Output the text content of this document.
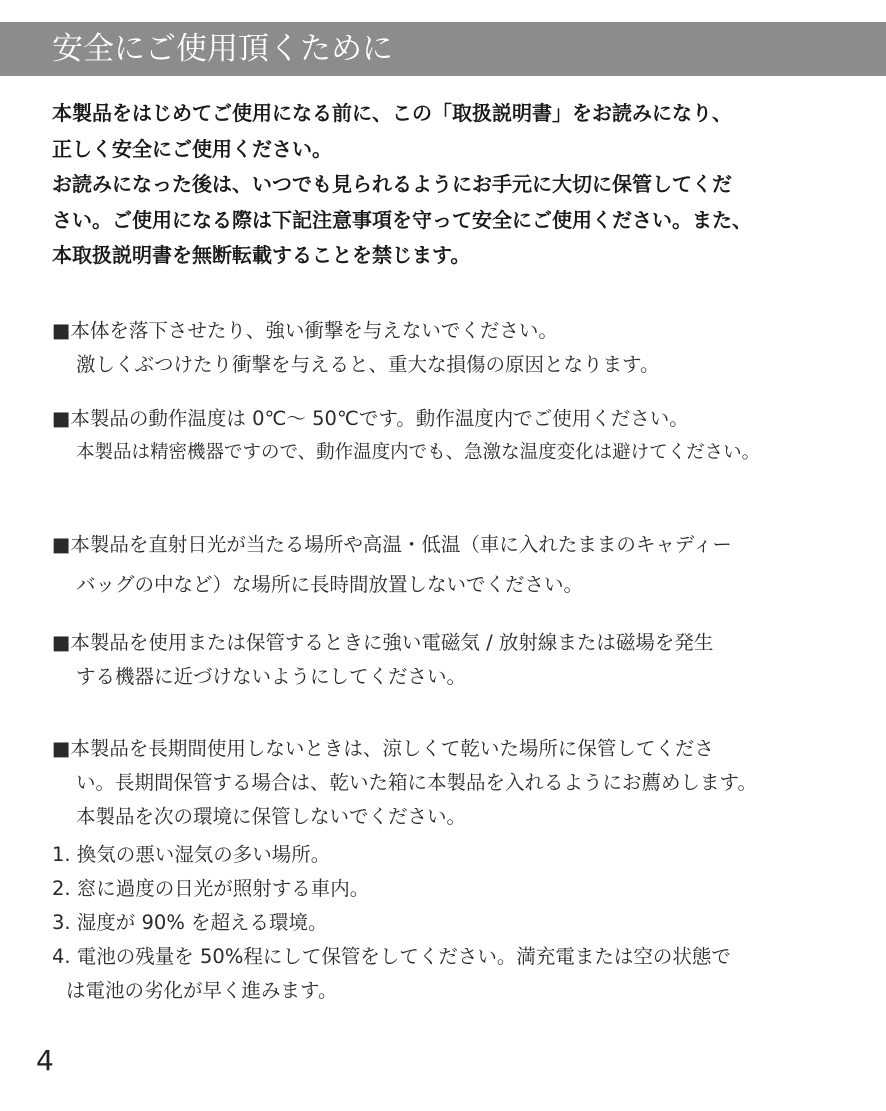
安全にご使用頂くために
本製品をはじめてご使用になる前に、この「取扱説明書」をお読みになり、
正しく安全にご使用ください。
お読みになった後は、いつでも見られるようにお手元に大切に保管してくだ
さい。ご使用になる際は下記注意事項を守って安全にご使用ください。また、
本取扱説明書を無断転載することを禁じます。
■本体を落下させたり、強い衝撃を与えないでください。
激しくぶつけたり衝撃を与えると、重大な損傷の原因となります。
■本製品の動作温度は 0℃〜 50℃です。動作温度内でご使用ください。
本製品は精密機器ですので、動作温度内でも、急激な温度変化は避けてください。
■本製品を直射日光が当たる場所や高温・低温（車に入れたままのキャディー
バッグの中など）な場所に長時間放置しないでください。
■本製品を使用または保管するときに強い電磁気 / 放射線または磁場を発生
する機器に近づけないようにしてください。
■本製品を長期間使用しないときは、涼しくて乾いた場所に保管してくださ
い。長期間保管する場合は、乾いた箱に本製品を入れるようにお薦めします。
本製品を次の環境に保管しないでください。
1. 換気の悪い湿気の多い場所。
2. 窓に過度の日光が照射する車内。
3. 湿度が 90% を超える環境。
4. 電池の残量を 50%程にして保管をしてください。満充電または空の状態で
は電池の劣化が早く進みます。
4
